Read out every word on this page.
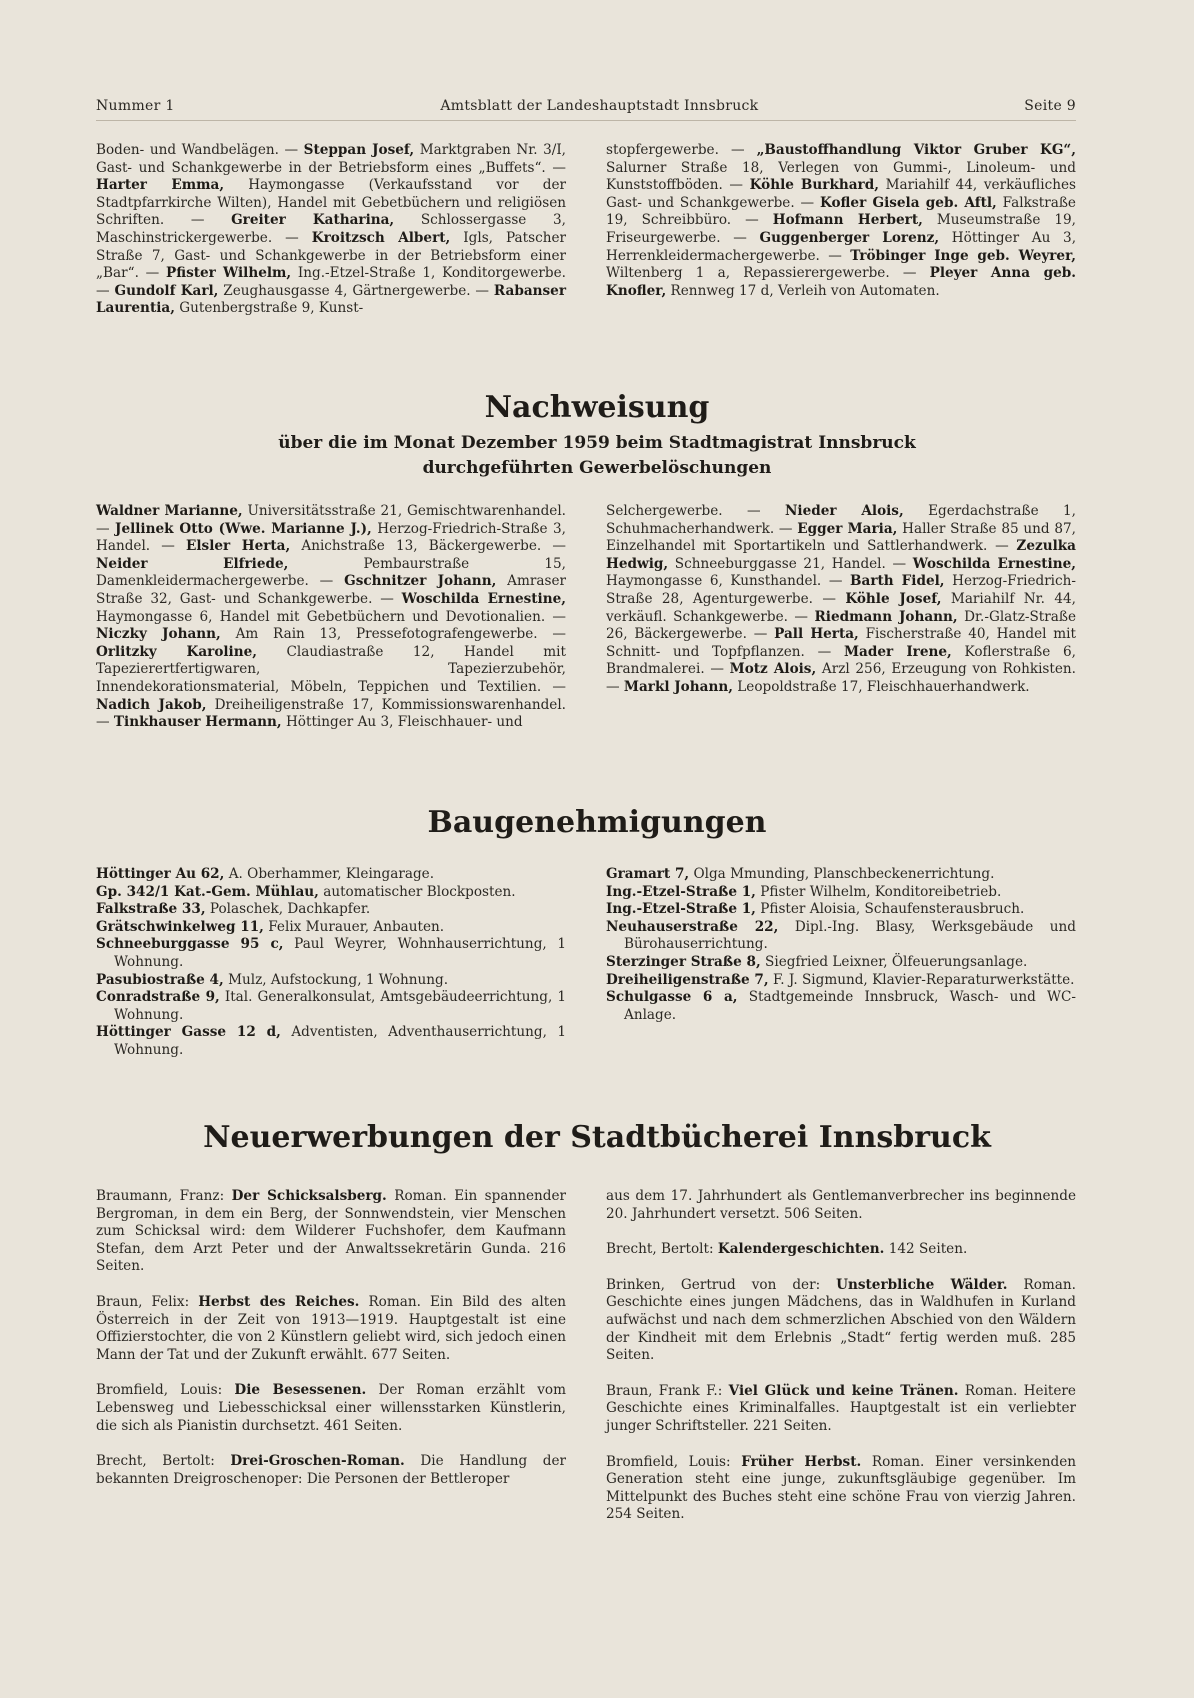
Nummer 1	Amtsblatt der Landeshauptstadt Innsbruck	Seite 9

Boden- und Wandbelägen. — Steppan Josef, Marktgraben Nr. 3/I, Gast- und Schankgewerbe in der Betriebsform eines „Buffets“. — Harter Emma, Haymongasse (Verkaufsstand vor der Stadtpfarrkirche Wilten), Handel mit Gebetbüchern und religiösen Schriften. — Greiter Katharina, Schlossergasse 3, Maschinstrickergewerbe. — Kroitzsch Albert, Igls, Patscher Straße 7, Gast- und Schankgewerbe in der Betriebsform einer „Bar“. — Pfister Wilhelm, Ing.-Etzel-Straße 1, Konditorgewerbe. — Gundolf Karl, Zeughausgasse 4, Gärtnergewerbe. — Rabanser Laurentia, Gutenbergstraße 9, Kunst-

stopfergewerbe. — „Baustoffhandlung Viktor Gruber KG“, Salurner Straße 18, Verlegen von Gummi-, Linoleum- und Kunststoffböden. — Köhle Burkhard, Mariahilf 44, verkäufliches Gast- und Schankgewerbe. — Kofler Gisela geb. Aftl, Falkstraße 19, Schreibbüro. — Hofmann Herbert, Museumstraße 19, Friseurgewerbe. — Guggenberger Lorenz, Höttinger Au 3, Herrenkleidermachergewerbe. — Tröbinger Inge geb. Weyrer, Wiltenberg 1 a, Repassierergewerbe. — Pleyer Anna geb. Knofler, Rennweg 17 d, Verleih von Automaten.

Nachweisung
über die im Monat Dezember 1959 beim Stadtmagistrat Innsbruck
durchgeführten Gewerbelöschungen

Waldner Marianne, Universitätsstraße 21, Gemischtwarenhandel. — Jellinek Otto (Wwe. Marianne J.), Herzog-Friedrich-Straße 3, Handel. — Elsler Herta, Anichstraße 13, Bäckergewerbe. — Neider Elfriede,	Pembaurstraße 15, Damenkleidermachergewerbe. — Gschnitzer Johann, Amraser Straße 32, Gast- und Schankgewerbe. — Woschilda Ernestine, Haymongasse 6, Handel mit Gebetbüchern und Devotionalien. — Niczky Johann, Am Rain 13, Pressefotografengewerbe. — Orlitzky Karoline, Claudiastraße 12, Handel mit Tapezierertfertigwaren, Tapezierzubehör, Innendekorationsmaterial, Möbeln, Teppichen und Textilien. — Nadich Jakob, Dreiheiligenstraße 17, Kommissionswarenhandel. — Tinkhauser Hermann, Höttinger Au 3, Fleischhauer- und

Selchergewerbe. — Nieder Alois, Egerdachstraße 1, Schuhmacherhandwerk. — Egger Maria, Haller Straße 85 und 87, Einzelhandel mit Sportartikeln und Sattlerhandwerk. — Zezulka Hedwig, Schneeburggasse 21, Handel. — Woschilda Ernestine, Haymongasse 6, Kunsthandel. — Barth Fidel, Herzog-Friedrich-Straße 28, Agenturgewerbe. — Köhle Josef, Mariahilf Nr. 44, verkäufl. Schankgewerbe. — Riedmann Johann, Dr.-Glatz-Straße 26, Bäckergewerbe. — Pall Herta, Fischerstraße 40, Handel mit Schnitt- und Topfpflanzen. — Mader Irene, Koflerstraße 6, Brandmalerei. — Motz Alois, Arzl 256, Erzeugung von Rohkisten. — Markl Johann, Leopoldstraße 17, Fleischhauerhandwerk.

Baugenehmigungen

Höttinger Au 62, A. Oberhammer, Kleingarage.

Gp. 342/1 Kat.-Gem. Mühlau, automatischer Blockposten.

Falkstraße 33, Polaschek, Dachkapfer.

Grätschwinkelweg 11, Felix Murauer, Anbauten.

Schneeburggasse 95 c, Paul Weyrer, Wohnhauserrichtung, 1 Wohnung.

Pasubiostraße 4, Mulz, Aufstockung, 1 Wohnung.

Conradstraße 9, Ital. Generalkonsulat, Amtsgebäudeerrichtung, 1 Wohnung.

Höttinger Gasse 12 d, Adventisten, Adventhauserrichtung, 1 Wohnung.

Gramart 7, Olga Mmunding, Planschbeckenerrichtung.

Ing.-Etzel-Straße 1, Pfister Wilhelm, Konditoreibetrieb.

Ing.-Etzel-Straße 1, Pfister Aloisia, Schaufensterausbruch.

Neuhauserstraße 22, Dipl.-Ing. Blasy, Werksgebäude und Bürohauserrichtung.

Sterzinger Straße 8, Siegfried Leixner, Ölfeuerungsanlage.

Dreiheiligenstraße 7, F. J. Sigmund, Klavier-Reparaturwerkstätte.

Schulgasse 6 a, Stadtgemeinde Innsbruck, Wasch- und WC-Anlage.

Neuerwerbungen der Stadtbücherei Innsbruck

Braumann, Franz: Der Schicksalsberg. Roman. Ein spannender Bergroman, in dem ein Berg, der Sonnwendstein, vier Menschen zum Schicksal wird: dem Wilderer Fuchshofer, dem Kaufmann Stefan, dem Arzt Peter und der Anwaltssekretärin Gunda. 216 Seiten.

Braun, Felix: Herbst des Reiches. Roman. Ein Bild des alten Österreich in der Zeit von 1913—1919. Hauptgestalt ist eine Offizierstochter, die von 2 Künstlern geliebt wird, sich jedoch einen Mann der Tat und der Zukunft erwählt. 677 Seiten.

Bromfield, Louis: Die Besessenen. Der Roman erzählt vom Lebensweg und Liebesschicksal einer willensstarken Künstlerin, die sich als Pianistin durchsetzt. 461 Seiten.

Brecht, Bertolt: Drei-Groschen-Roman. Die Handlung der bekannten Dreigroschenoper: Die Personen der Bettleroper

aus dem 17. Jahrhundert als Gentlemanverbrecher ins beginnende 20. Jahrhundert versetzt. 506 Seiten.

Brecht, Bertolt: Kalendergeschichten. 142 Seiten.

Brinken, Gertrud von der: Unsterbliche Wälder. Roman. Geschichte eines jungen Mädchens, das in Waldhufen in Kurland aufwächst und nach dem schmerzlichen Abschied von den Wäldern der Kindheit mit dem Erlebnis „Stadt“ fertig werden muß. 285 Seiten.

Braun, Frank F.: Viel Glück und keine Tränen. Roman. Heitere Geschichte eines Kriminalfalles. Hauptgestalt ist ein verliebter junger Schriftsteller. 221 Seiten.

Bromfield, Louis: Früher Herbst. Roman. Einer versinkenden Generation steht eine junge, zukunftsgläubige gegenüber. Im Mittelpunkt des Buches steht eine schöne Frau von vierzig Jahren. 254 Seiten.
